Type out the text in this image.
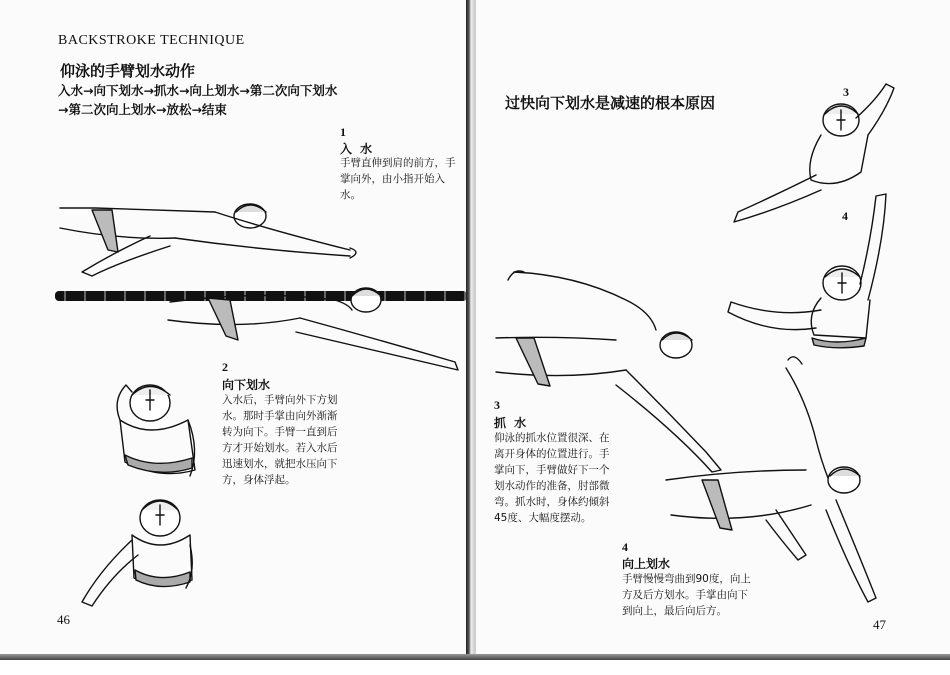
BACKSTROKE TECHNIQUE
仰泳的手臂划水动作
入水→向下划水→抓水→向上划水→第二次向下划水
→第二次向上划水→放松→结束
1
入 水
手臂直伸到肩的前方，手
掌向外，由小指开始入
水。
2
向下划水
入水后，手臂向外下方划
水。那时手掌由向外渐渐
转为向下。手臂一直到后
方才开始划水。若入水后
迅速划水，就把水压向下
方，身体浮起。
46
过快向下划水是减速的根本原因
3
4
3
抓 水
仰泳的抓水位置很深、在
离开身体的位置进行。手
掌向下，手臂做好下一个
划水动作的准备，肘部微
弯。抓水时，身体约倾斜
45度、大幅度摆动。
4
向上划水
手臂慢慢弯曲到90度，向上
方及后方划水。手掌由向下
到向上，最后向后方。
47
